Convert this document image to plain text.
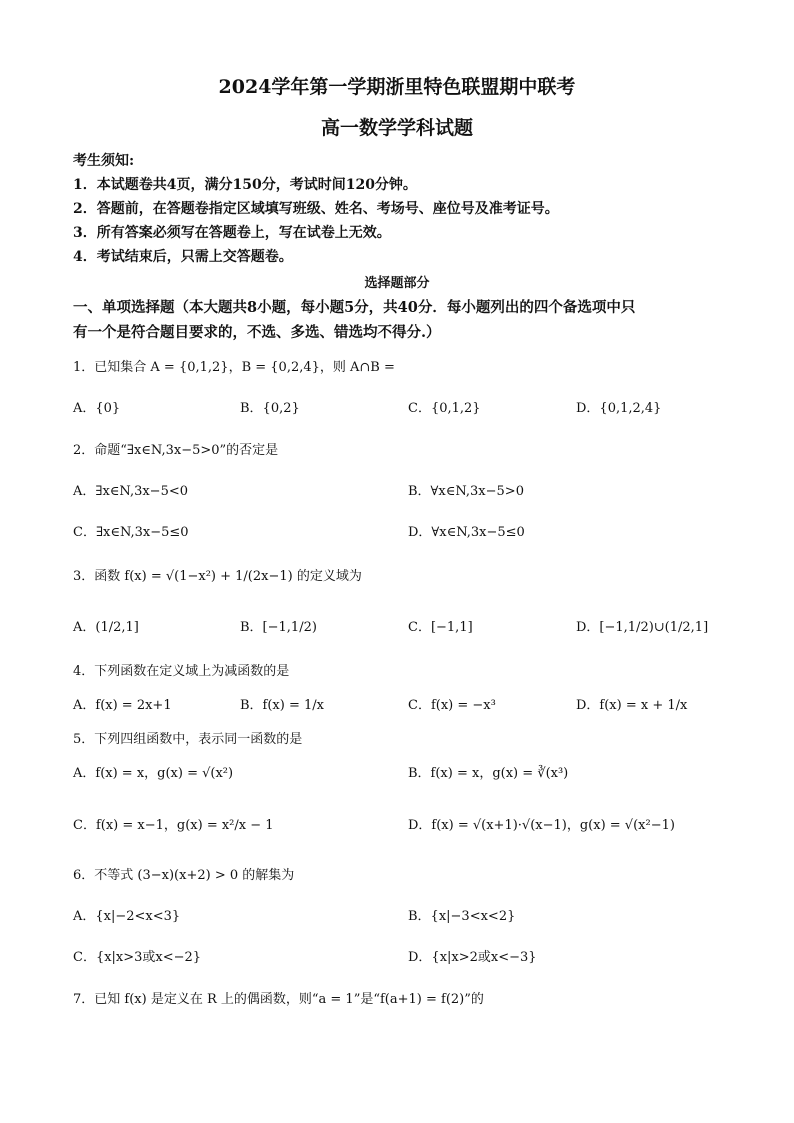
2024学年第一学期浙里特色联盟期中联考
高一数学学科试题
考生须知:
1．本试题卷共4页，满分150分，考试时间120分钟。
2．答题前，在答题卷指定区域填写班级、姓名、考场号、座位号及准考证号。
3．所有答案必须写在答题卷上，写在试卷上无效。
4．考试结束后，只需上交答题卷。
选择题部分
一、单项选择题（本大题共8小题，每小题5分，共40分．每小题列出的四个备选项中只
有一个是符合题目要求的，不选、多选、错选均不得分.）
1．已知集合 A = {0,1,2}，B = {0,2,4}，则 A∩B =
A．{0}	B．{0,2}	C．{0,1,2}	D．{0,1,2,4}
2．命题“∃x∈N,3x−5>0”的否定是
A．∃x∈N,3x−5<0	B．∀x∈N,3x−5>0
C．∃x∈N,3x−5≤0	D．∀x∈N,3x−5≤0
3．函数 f(x) = √(1−x²) + 1/(2x−1) 的定义域为
A．(1/2,1]	B．[−1,1/2)	C．[−1,1]	D．[−1,1/2)∪(1/2,1]
4．下列函数在定义域上为减函数的是
A．f(x) = 2x+1	B．f(x) = 1/x	C．f(x) = −x³	D．f(x) = x + 1/x
5．下列四组函数中，表示同一函数的是
A．f(x) = x，g(x) = √(x²)	B．f(x) = x，g(x) = ∛(x³)
C．f(x) = x−1，g(x) = x²/x − 1	D．f(x) = √(x+1)·√(x−1)，g(x) = √(x²−1)
6．不等式 (3−x)(x+2) > 0 的解集为
A．{x|−2<x<3}	B．{x|−3<x<2}
C．{x|x>3或x<−2}	D．{x|x>2或x<−3}
7．已知 f(x) 是定义在 R 上的偶函数，则“a = 1”是“f(a+1) = f(2)”的
